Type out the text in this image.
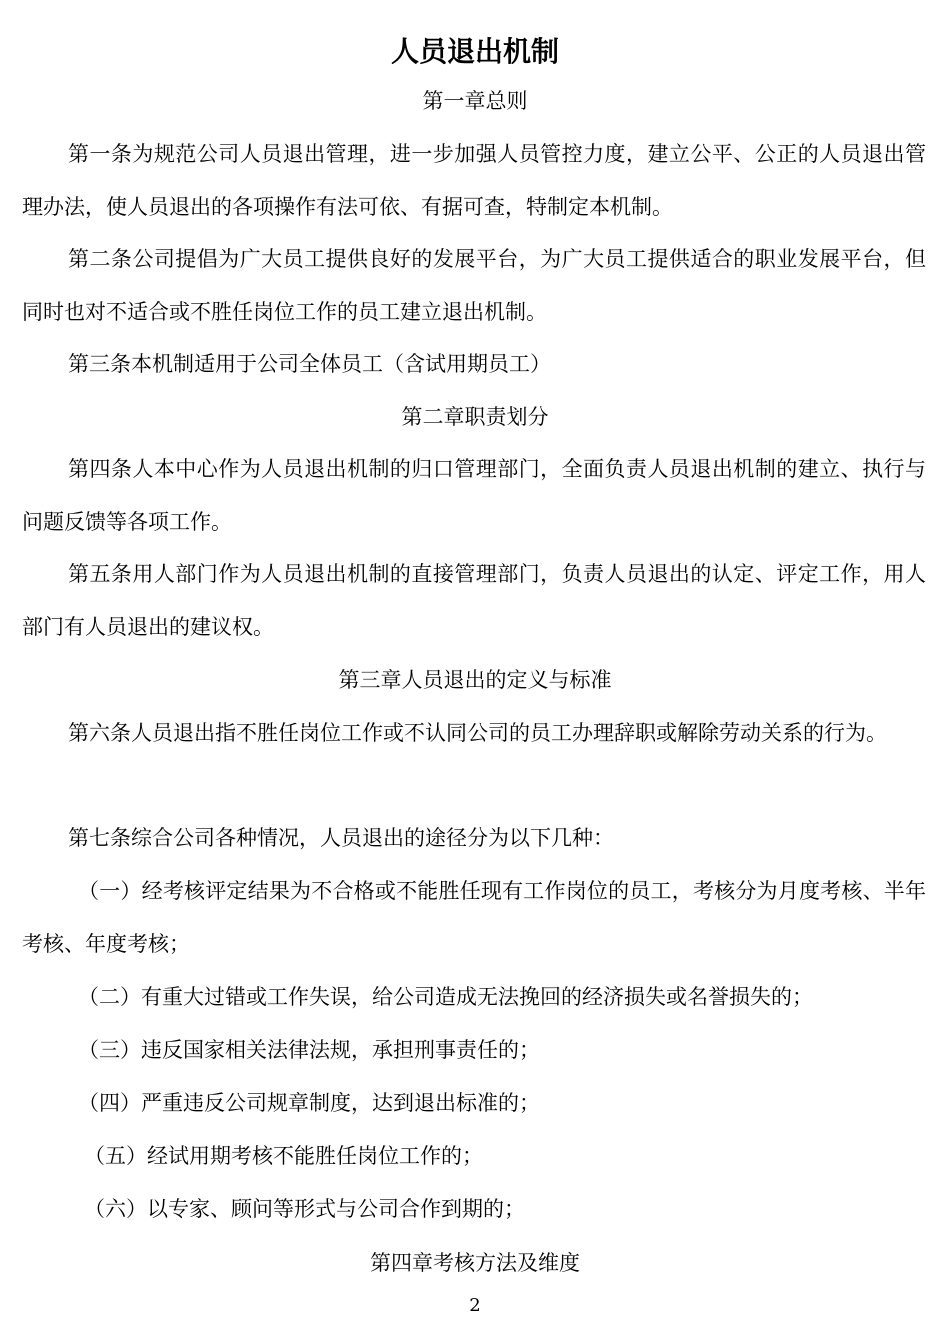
人员退出机制

第一章总则

第一条为规范公司人员退出管理，进一步加强人员管控力度，建立公平、公正的人员退出管理办法，使人员退出的各项操作有法可依、有据可查，特制定本机制。

第二条公司提倡为广大员工提供良好的发展平台，为广大员工提供适合的职业发展平台，但同时也对不适合或不胜任岗位工作的员工建立退出机制。

第三条本机制适用于公司全体员工（含试用期员工）

第二章职责划分

第四条人本中心作为人员退出机制的归口管理部门，全面负责人员退出机制的建立、执行与问题反馈等各项工作。

第五条用人部门作为人员退出机制的直接管理部门，负责人员退出的认定、评定工作，用人部门有人员退出的建议权。

第三章人员退出的定义与标准

第六条人员退出指不胜任岗位工作或不认同公司的员工办理辞职或解除劳动关系的行为。

第七条综合公司各种情况，人员退出的途径分为以下几种：

（一）经考核评定结果为不合格或不能胜任现有工作岗位的员工，考核分为月度考核、半年考核、年度考核；

（二）有重大过错或工作失误，给公司造成无法挽回的经济损失或名誉损失的；

（三）违反国家相关法律法规，承担刑事责任的；

（四）严重违反公司规章制度，达到退出标准的；

（五）经试用期考核不能胜任岗位工作的；

（六）以专家、顾问等形式与公司合作到期的；

第四章考核方法及维度

2
